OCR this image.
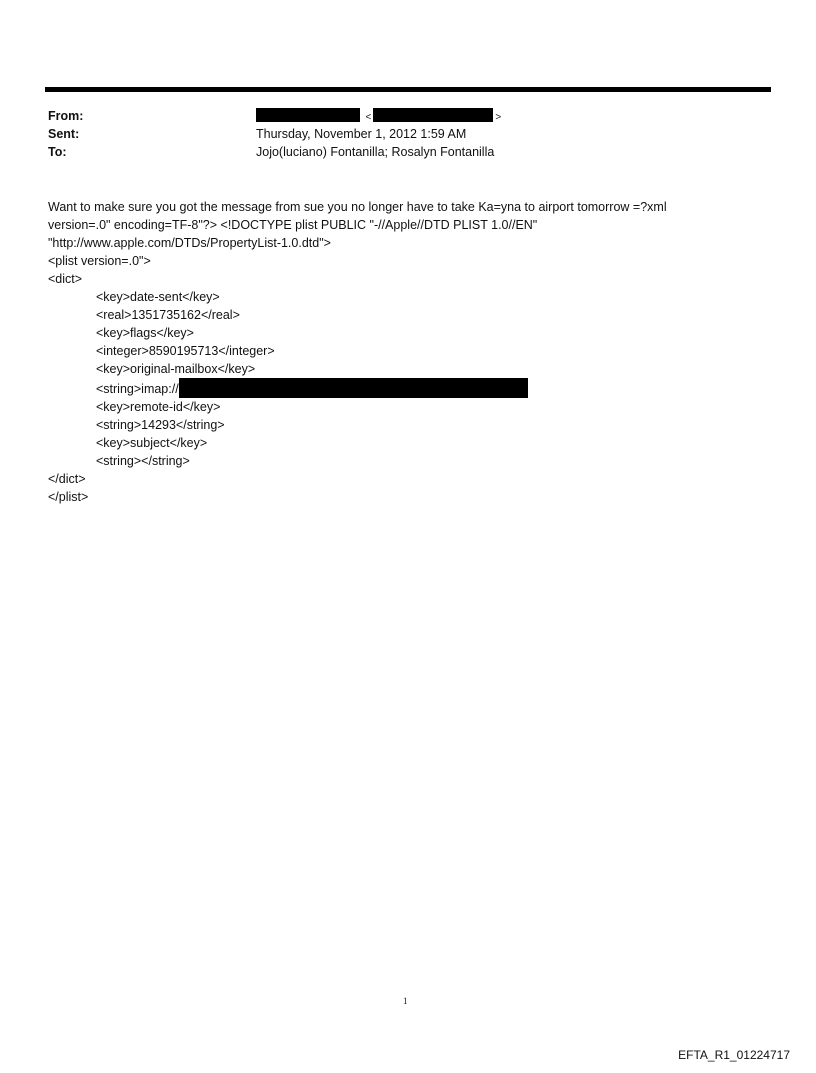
From:	<	>
Sent:	Thursday, November 1, 2012 1:59 AM
To:	Jojo(luciano) Fontanilla; Rosalyn Fontanilla

Want to make sure you got the message from sue you no longer have to take Ka=yna to airport tomorrow =?xml

version=.0" encoding=TF-8"?> <!DOCTYPE plist PUBLIC "-//Apple//DTD PLIST 1.0//EN"

"http://www.apple.com/DTDs/PropertyList-1.0.dtd">

<plist version=.0">

<dict>

<key>date-sent</key>

<real>1351735162</real>

<key>flags</key>

<integer>8590195713</integer>

<key>original-mailbox</key>

<string>imap://

<key>remote-id</key>

<string>14293</string>

<key>subject</key>

<string></string>

</dict>

</plist>

1
EFTA_R1_01224717
